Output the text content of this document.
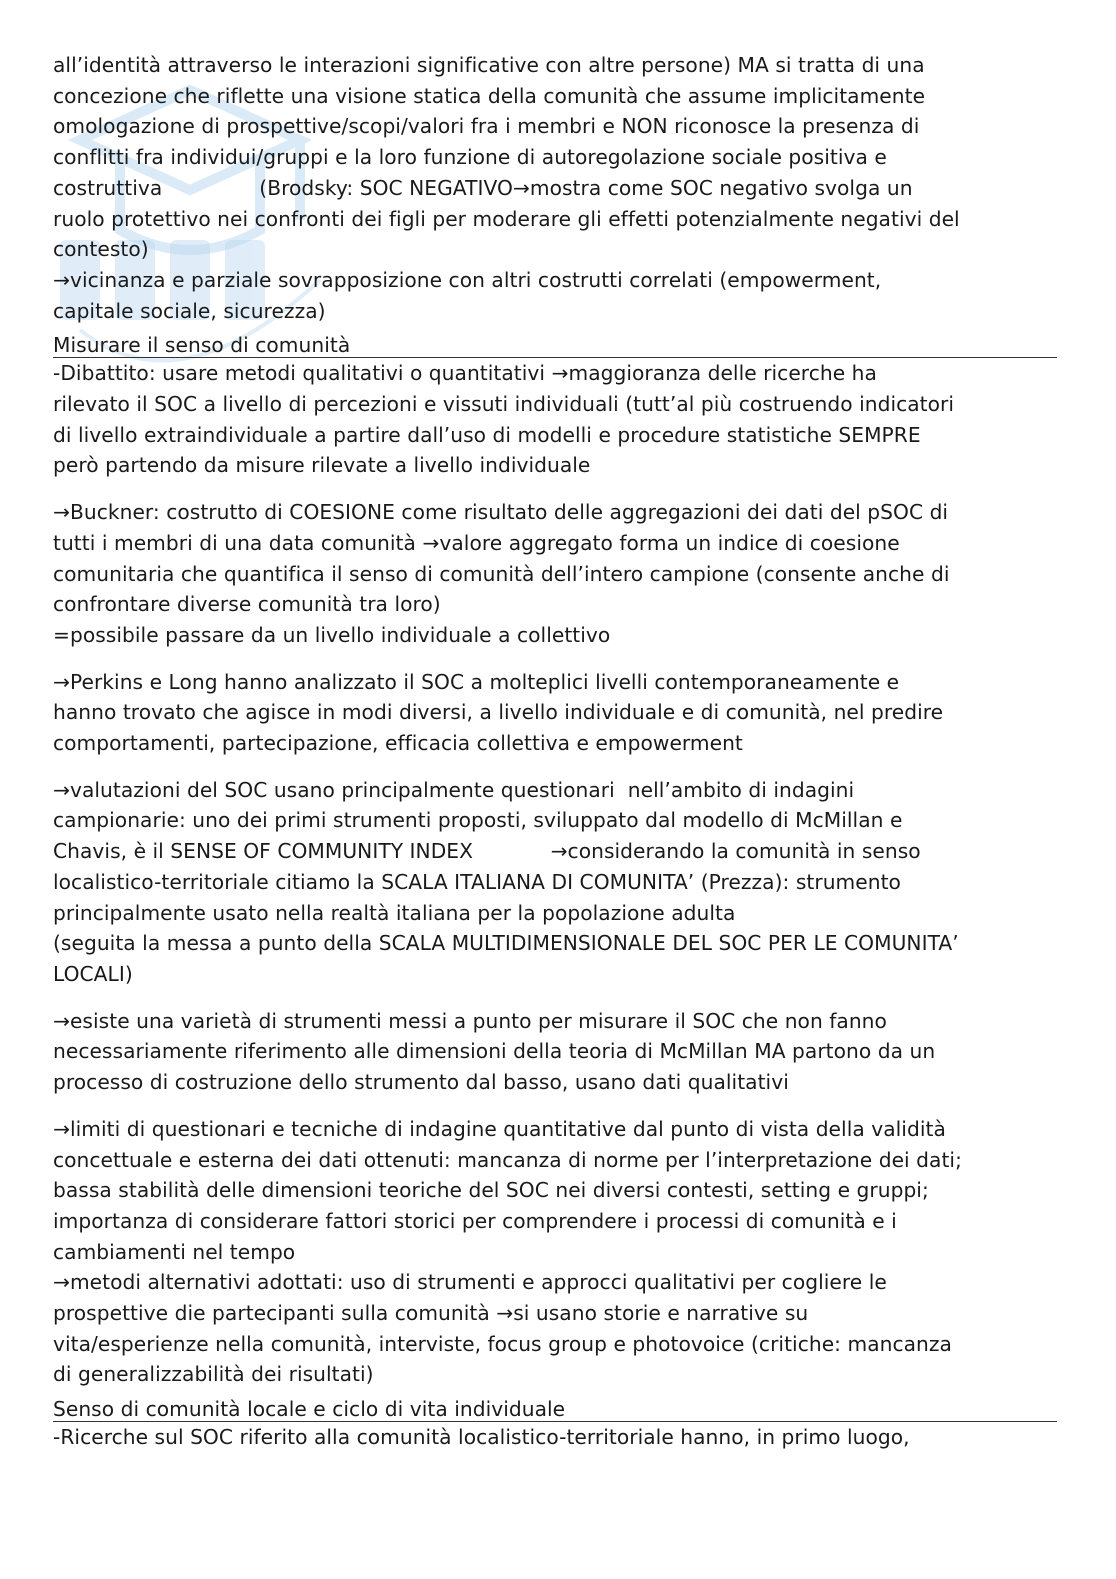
all’identità attraverso le interazioni significative con altre persone) MA si tratta di una
concezione che riflette una visione statica della comunità che assume implicitamente
omologazione di prospettive/scopi/valori fra i membri e NON riconosce la presenza di
conflitti fra individui/gruppi e la loro funzione di autoregolazione sociale positiva e
costruttiva               (Brodsky: SOC NEGATIVO→mostra come SOC negativo svolga un
ruolo protettivo nei confronti dei figli per moderare gli effetti potenzialmente negativi del
contesto)
→vicinanza e parziale sovrapposizione con altri costrutti correlati (empowerment,
capitale sociale, sicurezza)
Misurare il senso di comunità
-Dibattito: usare metodi qualitativi o quantitativi →maggioranza delle ricerche ha
rilevato il SOC a livello di percezioni e vissuti individuali (tutt’al più costruendo indicatori
di livello extraindividuale a partire dall’uso di modelli e procedure statistiche SEMPRE
però partendo da misure rilevate a livello individuale
→Buckner: costrutto di COESIONE come risultato delle aggregazioni dei dati del pSOC di
tutti i membri di una data comunità →valore aggregato forma un indice di coesione
comunitaria che quantifica il senso di comunità dell’intero campione (consente anche di
confrontare diverse comunità tra loro)
=possibile passare da un livello individuale a collettivo
→Perkins e Long hanno analizzato il SOC a molteplici livelli contemporaneamente e
hanno trovato che agisce in modi diversi, a livello individuale e di comunità, nel predire
comportamenti, partecipazione, efficacia collettiva e empowerment
→valutazioni del SOC usano principalmente questionari  nell’ambito di indagini
campionarie: uno dei primi strumenti proposti, sviluppato dal modello di McMillan e
Chavis, è il SENSE OF COMMUNITY INDEX            →considerando la comunità in senso
localistico-territoriale citiamo la SCALA ITALIANA DI COMUNITA’ (Prezza): strumento
principalmente usato nella realtà italiana per la popolazione adulta
(seguita la messa a punto della SCALA MULTIDIMENSIONALE DEL SOC PER LE COMUNITA’
LOCALI)
→esiste una varietà di strumenti messi a punto per misurare il SOC che non fanno
necessariamente riferimento alle dimensioni della teoria di McMillan MA partono da un
processo di costruzione dello strumento dal basso, usano dati qualitativi
→limiti di questionari e tecniche di indagine quantitative dal punto di vista della validità
concettuale e esterna dei dati ottenuti: mancanza di norme per l’interpretazione dei dati;
bassa stabilità delle dimensioni teoriche del SOC nei diversi contesti, setting e gruppi;
importanza di considerare fattori storici per comprendere i processi di comunità e i
cambiamenti nel tempo
→metodi alternativi adottati: uso di strumenti e approcci qualitativi per cogliere le
prospettive die partecipanti sulla comunità →si usano storie e narrative su
vita/esperienze nella comunità, interviste, focus group e photovoice (critiche: mancanza
di generalizzabilità dei risultati)
Senso di comunità locale e ciclo di vita individuale
-Ricerche sul SOC riferito alla comunità localistico-territoriale hanno, in primo luogo,
